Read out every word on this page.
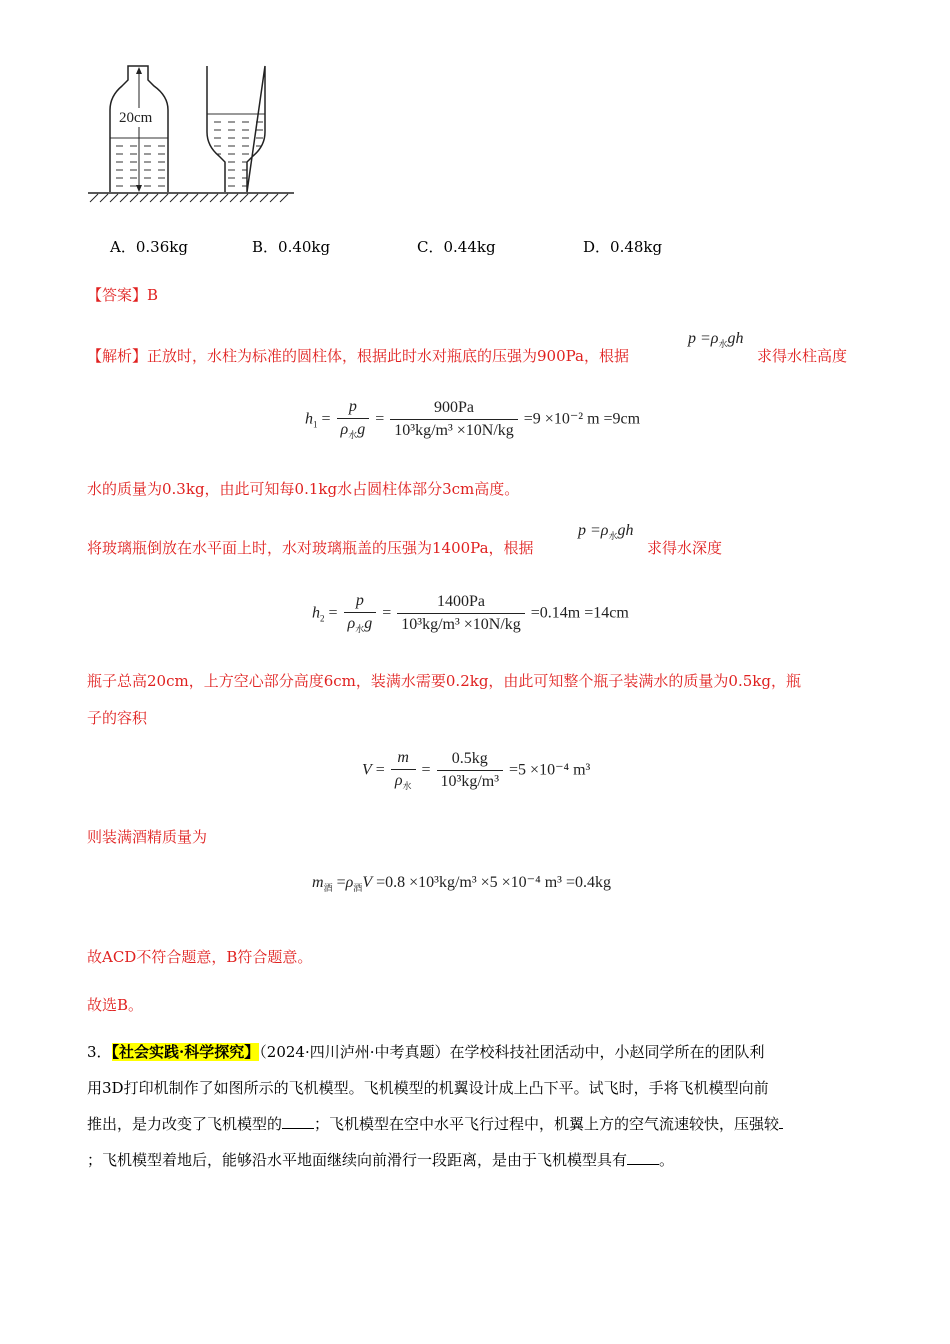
20cm
A．0.36kg	B．0.40kg	C．0.44kg	D．0.48kg
【答案】B
【解析】正放时，水柱为标准的圆柱体，根据此时水对瓶底的压强为900Pa，根据
$p =\rho_水gh$
求得水柱高度
$h_1 = \frac{p}{\rho_水g} = \frac{900Pa}{\text{10³kg/m³ ×10N/kg}} =9 \times 10^{-2}$ m =9cm
水的质量为0.3kg，由此可知每0.1kg水占圆柱体部分3cm高度。
将玻璃瓶倒放在水平面上时，水对玻璃瓶盖的压强为1400Pa，根据
$p =\rho_水gh$
求得水深度
$h_2 = \frac{p}{\rho_水g} = \frac{1400Pa}{\text{10³kg/m³ ×10N/kg}} =0.14m =14cm$
瓶子总高20cm，上方空心部分高度6cm，装满水需要0.2kg，由此可知整个瓶子装满水的质量为0.5kg，瓶
子的容积
$V = \frac{m}{\rho_水} = \frac{0.5kg}{\text{10³kg/m³}} =5 \times 10^{-4}$ m³
则装满酒精质量为
$m_酒 =\rho_酒V =0.8 \times 10^3kg/m^3 \times 5 \times 10^{-4}$ m³ =0.4kg
故ACD不符合题意，B符合题意。
故选B。
3．【社会实践·科学探究】（2024·四川泸州·中考真题）在学校科技社团活动中，小赵同学所在的团队利
用3D打印机制作了如图所示的飞机模型。飞机模型的机翼设计成上凸下平。试飞时，手将飞机模型向前
推出，是力改变了飞机模型的 ；飞机模型在空中水平飞行过程中，机翼上方的空气流速较快，压强较
；飞机模型着地后，能够沿水平地面继续向前滑行一段距离，是由于飞机模型具有 。
